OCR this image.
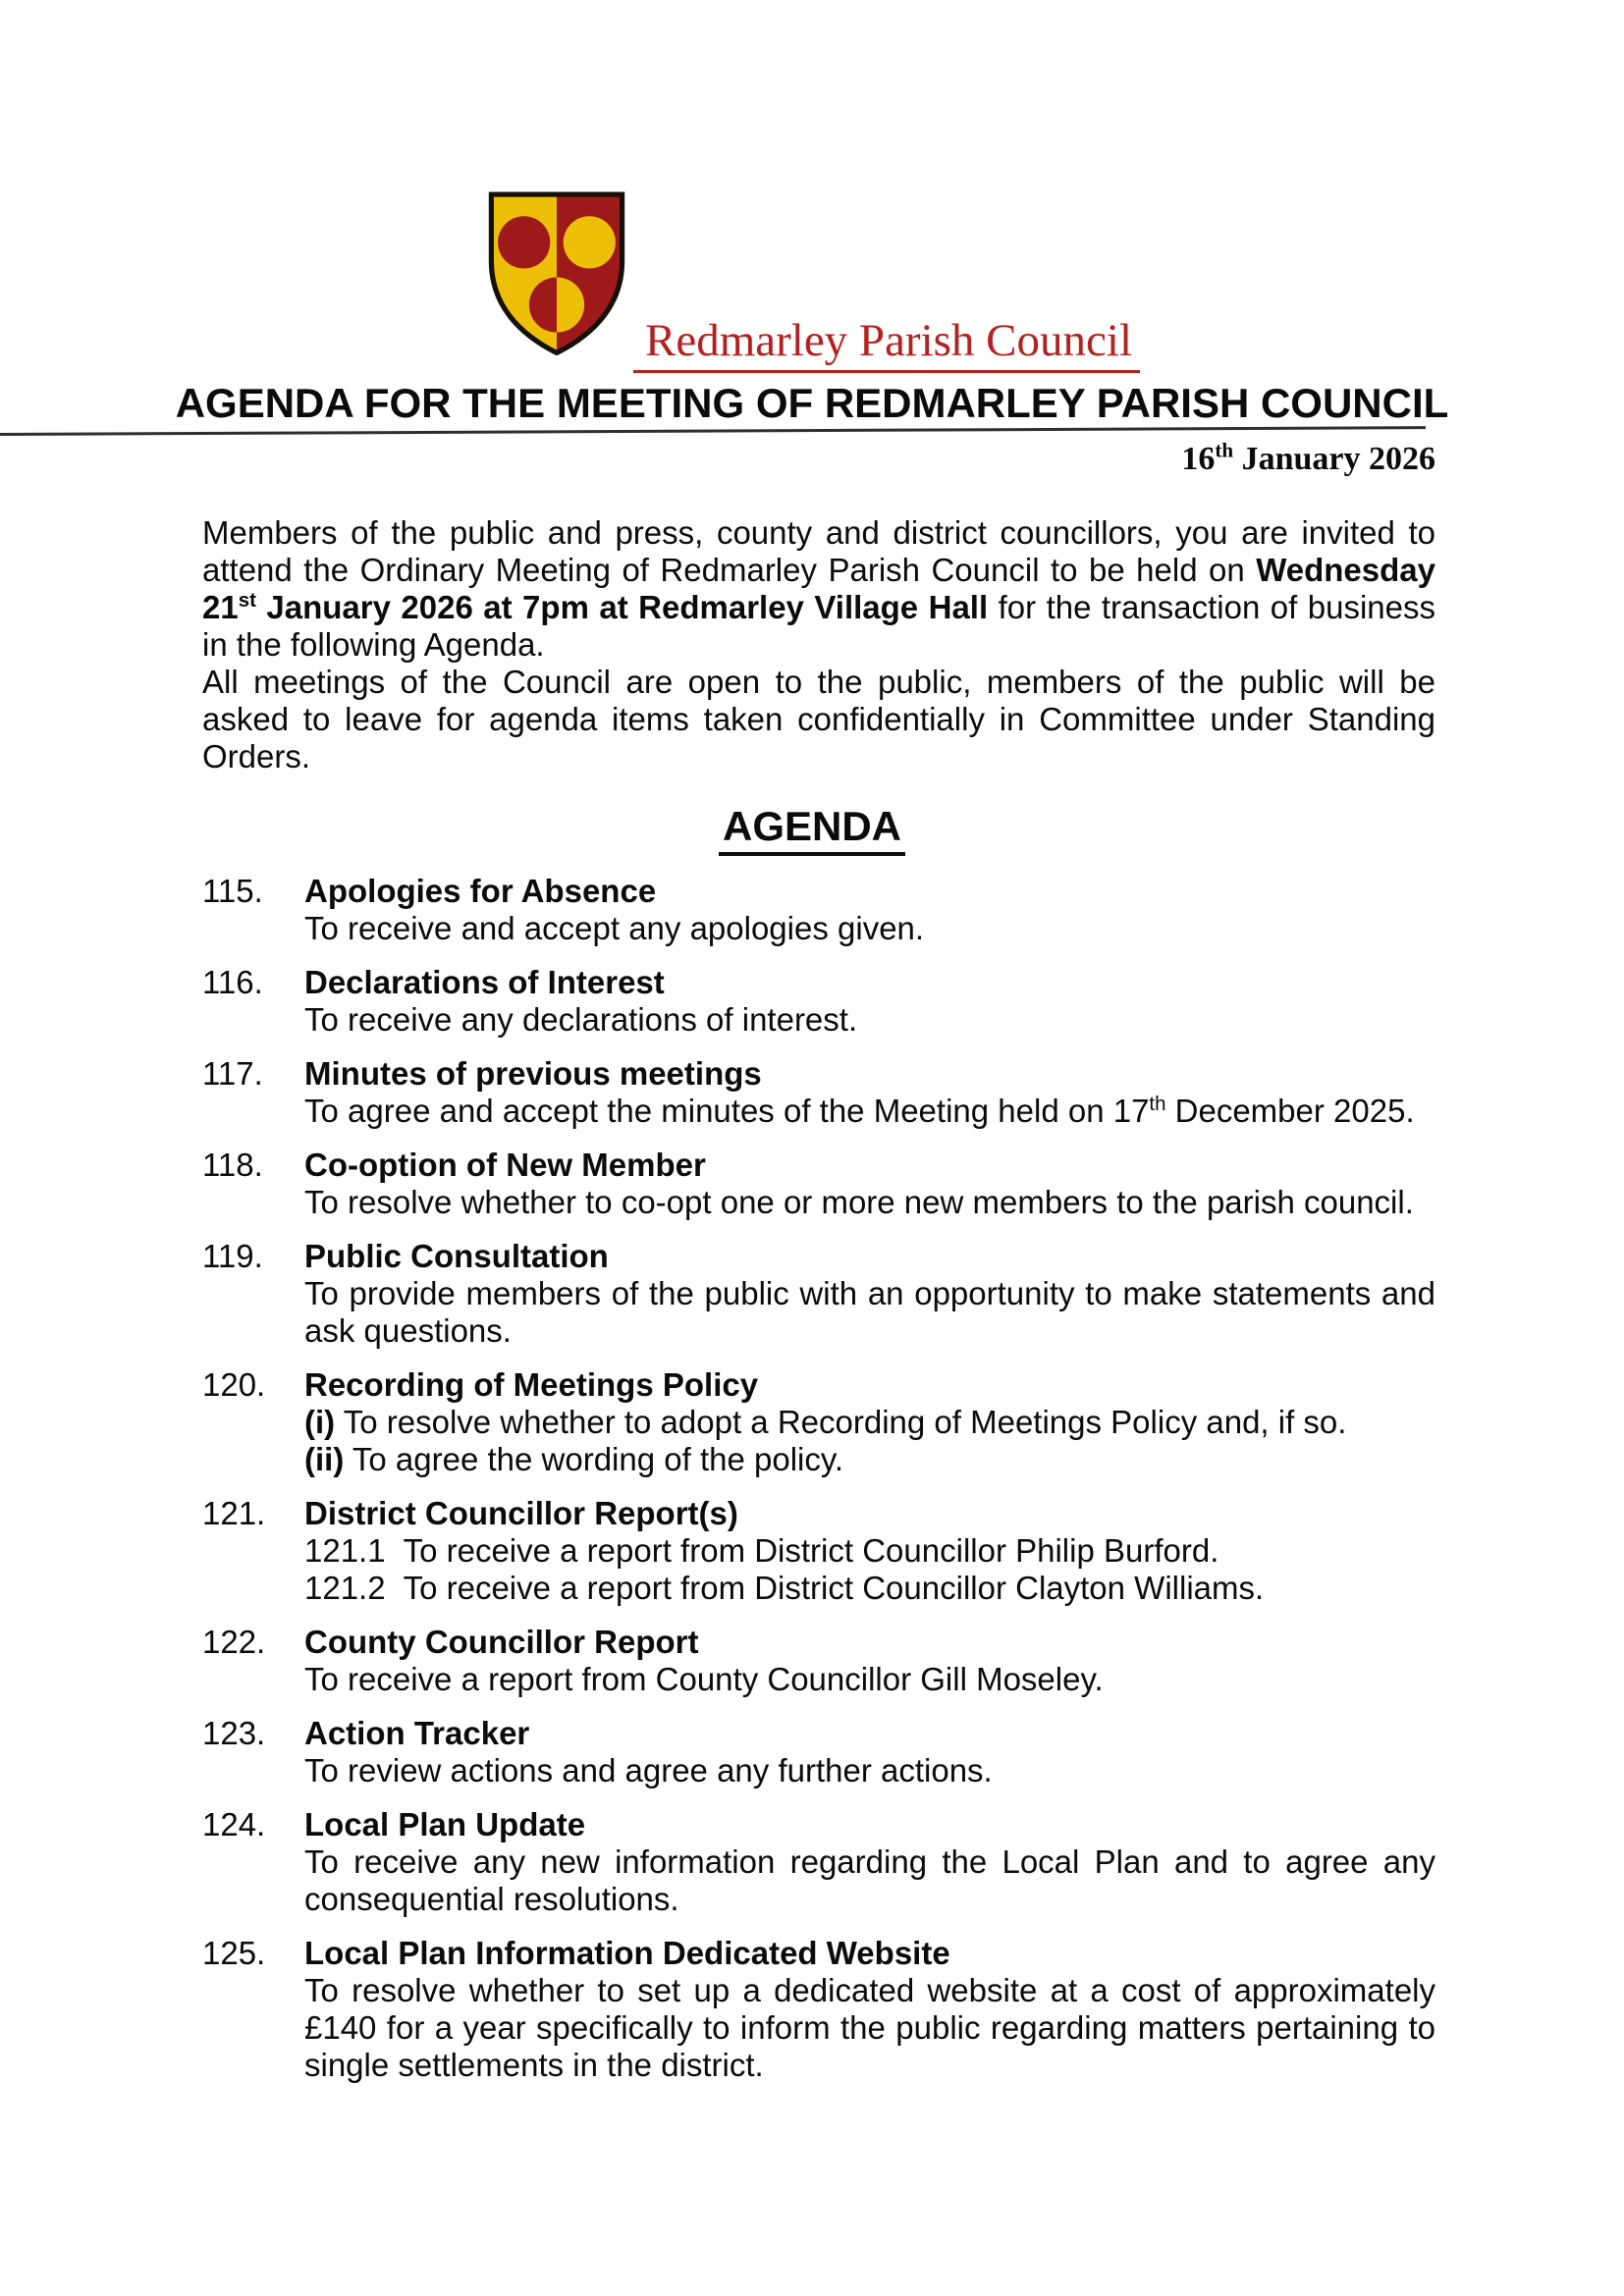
Redmarley Parish Council
AGENDA FOR THE MEETING OF REDMARLEY PARISH COUNCIL
16th January 2026

Members of the public and press, county and district councillors, you are invited to attend the Ordinary Meeting of Redmarley Parish Council to be held on Wednesday 21st January 2026 at 7pm at Redmarley Village Hall for the transaction of business in the following Agenda.

All meetings of the Council are open to the public, members of the public will be asked to leave for agenda items taken confidentially in Committee under Standing Orders.

AGENDA
115.	Apologies for Absence

To receive and accept any apologies given.

116.	Declarations of Interest

To receive any declarations of interest.

117.	Minutes of previous meetings

To agree and accept the minutes of the Meeting held on 17th December 2025.

118.	Co-option of New Member

To resolve whether to co-opt one or more new members to the parish council.

119.	Public Consultation

To provide members of the public with an opportunity to make statements and ask questions.

120.	Recording of Meetings Policy

(i) To resolve whether to adopt a Recording of Meetings Policy and, if so.

(ii) To agree the wording of the policy.

121.	District Councillor Report(s)

121.1 To receive a report from District Councillor Philip Burford.

121.2 To receive a report from District Councillor Clayton Williams.

122.	County Councillor Report

To receive a report from County Councillor Gill Moseley.

123.	Action Tracker

To review actions and agree any further actions.

124.	Local Plan Update

To receive any new information regarding the Local Plan and to agree any consequential resolutions.

125.	Local Plan Information Dedicated Website

To resolve whether to set up a dedicated website at a cost of approximately £140 for a year specifically to inform the public regarding matters pertaining to single settlements in the district.
